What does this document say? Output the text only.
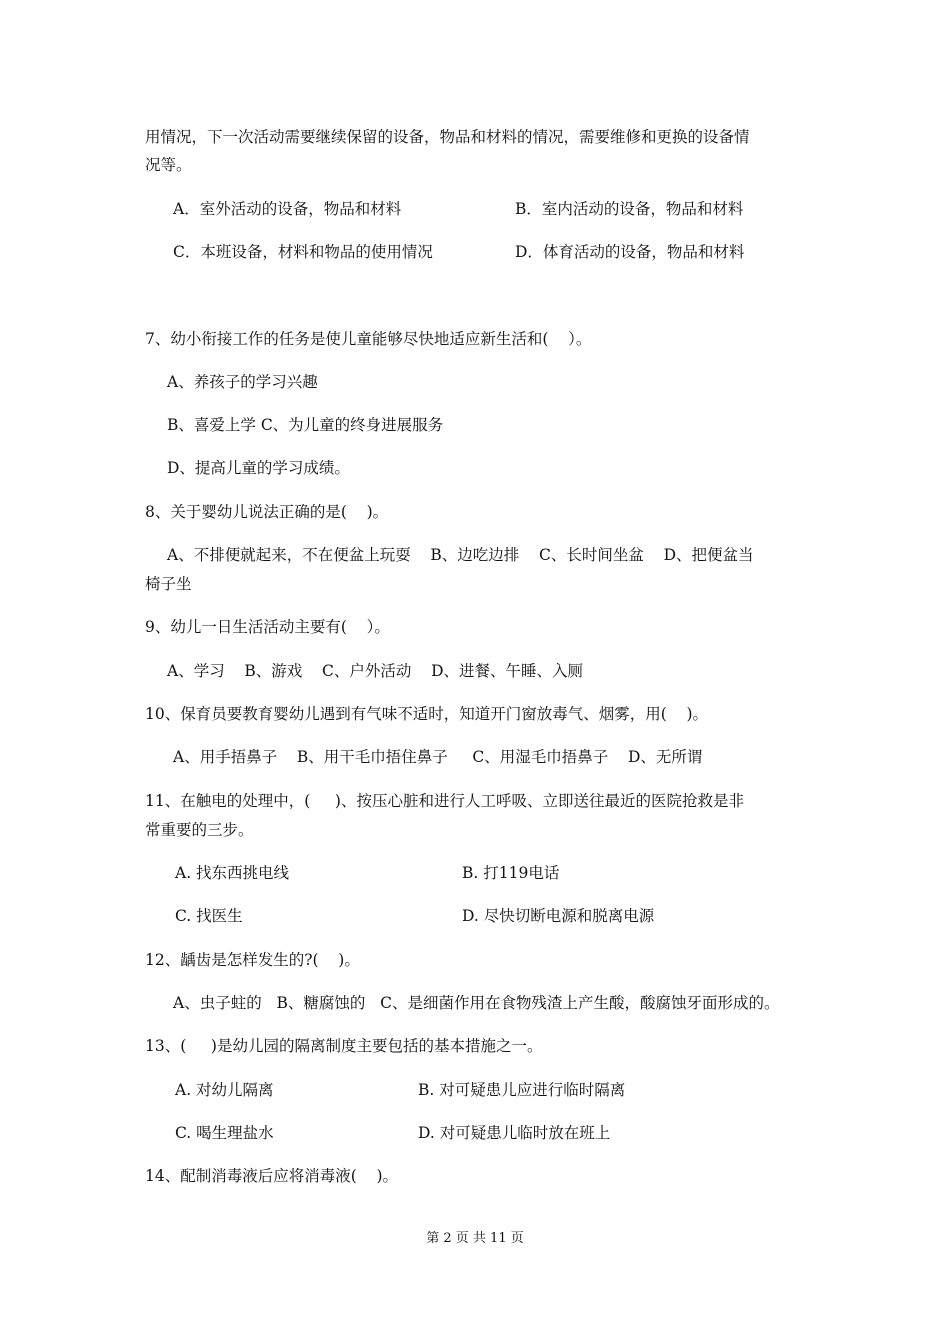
用情况，下一次活动需要继续保留的设备，物品和材料的情况，需要维修和更换的设备情
况等。
A．室外活动的设备，物品和材料	B．室内活动的设备，物品和材料
C．本班设备，材料和物品的使用情况	D．体育活动的设备，物品和材料
7、幼小衔接工作的任务是使儿童能够尽快地适应新生活和(    ）。
A、养孩子的学习兴趣
B、喜爱上学 C、为儿童的终身进展服务
D、提高儿童的学习成绩。
8、关于婴幼儿说法正确的是(    )。
A、不排便就起来，不在便盆上玩耍    B、边吃边排    C、长时间坐盆    D、把便盆当
椅子坐
9、幼儿一日生活活动主要有(    ）。
A、学习    B、游戏    C、户外活动    D、进餐、午睡、入厕
10、保育员要教育婴幼儿遇到有气味不适时，知道开门窗放毒气、烟雾，用(    )。
A、用手捂鼻子    B、用干毛巾捂住鼻子     C、用湿毛巾捂鼻子    D、无所谓
11、在触电的处理中，(     )、按压心脏和进行人工呼吸、立即送往最近的医院抢救是非
常重要的三步。
A. 找东西挑电线	B. 打119电话
C. 找医生	D. 尽快切断电源和脱离电源
12、龋齿是怎样发生的?(    )。
A、虫子蛀的   B、糖腐蚀的   C、是细菌作用在食物残渣上产生酸，酸腐蚀牙面形成的。
13、(     )是幼儿园的隔离制度主要包括的基本措施之一。
A. 对幼儿隔离	B. 对可疑患儿应进行临时隔离
C. 喝生理盐水	D. 对可疑患儿临时放在班上
14、配制消毒液后应将消毒液(    )。
第 2 页 共 11 页
